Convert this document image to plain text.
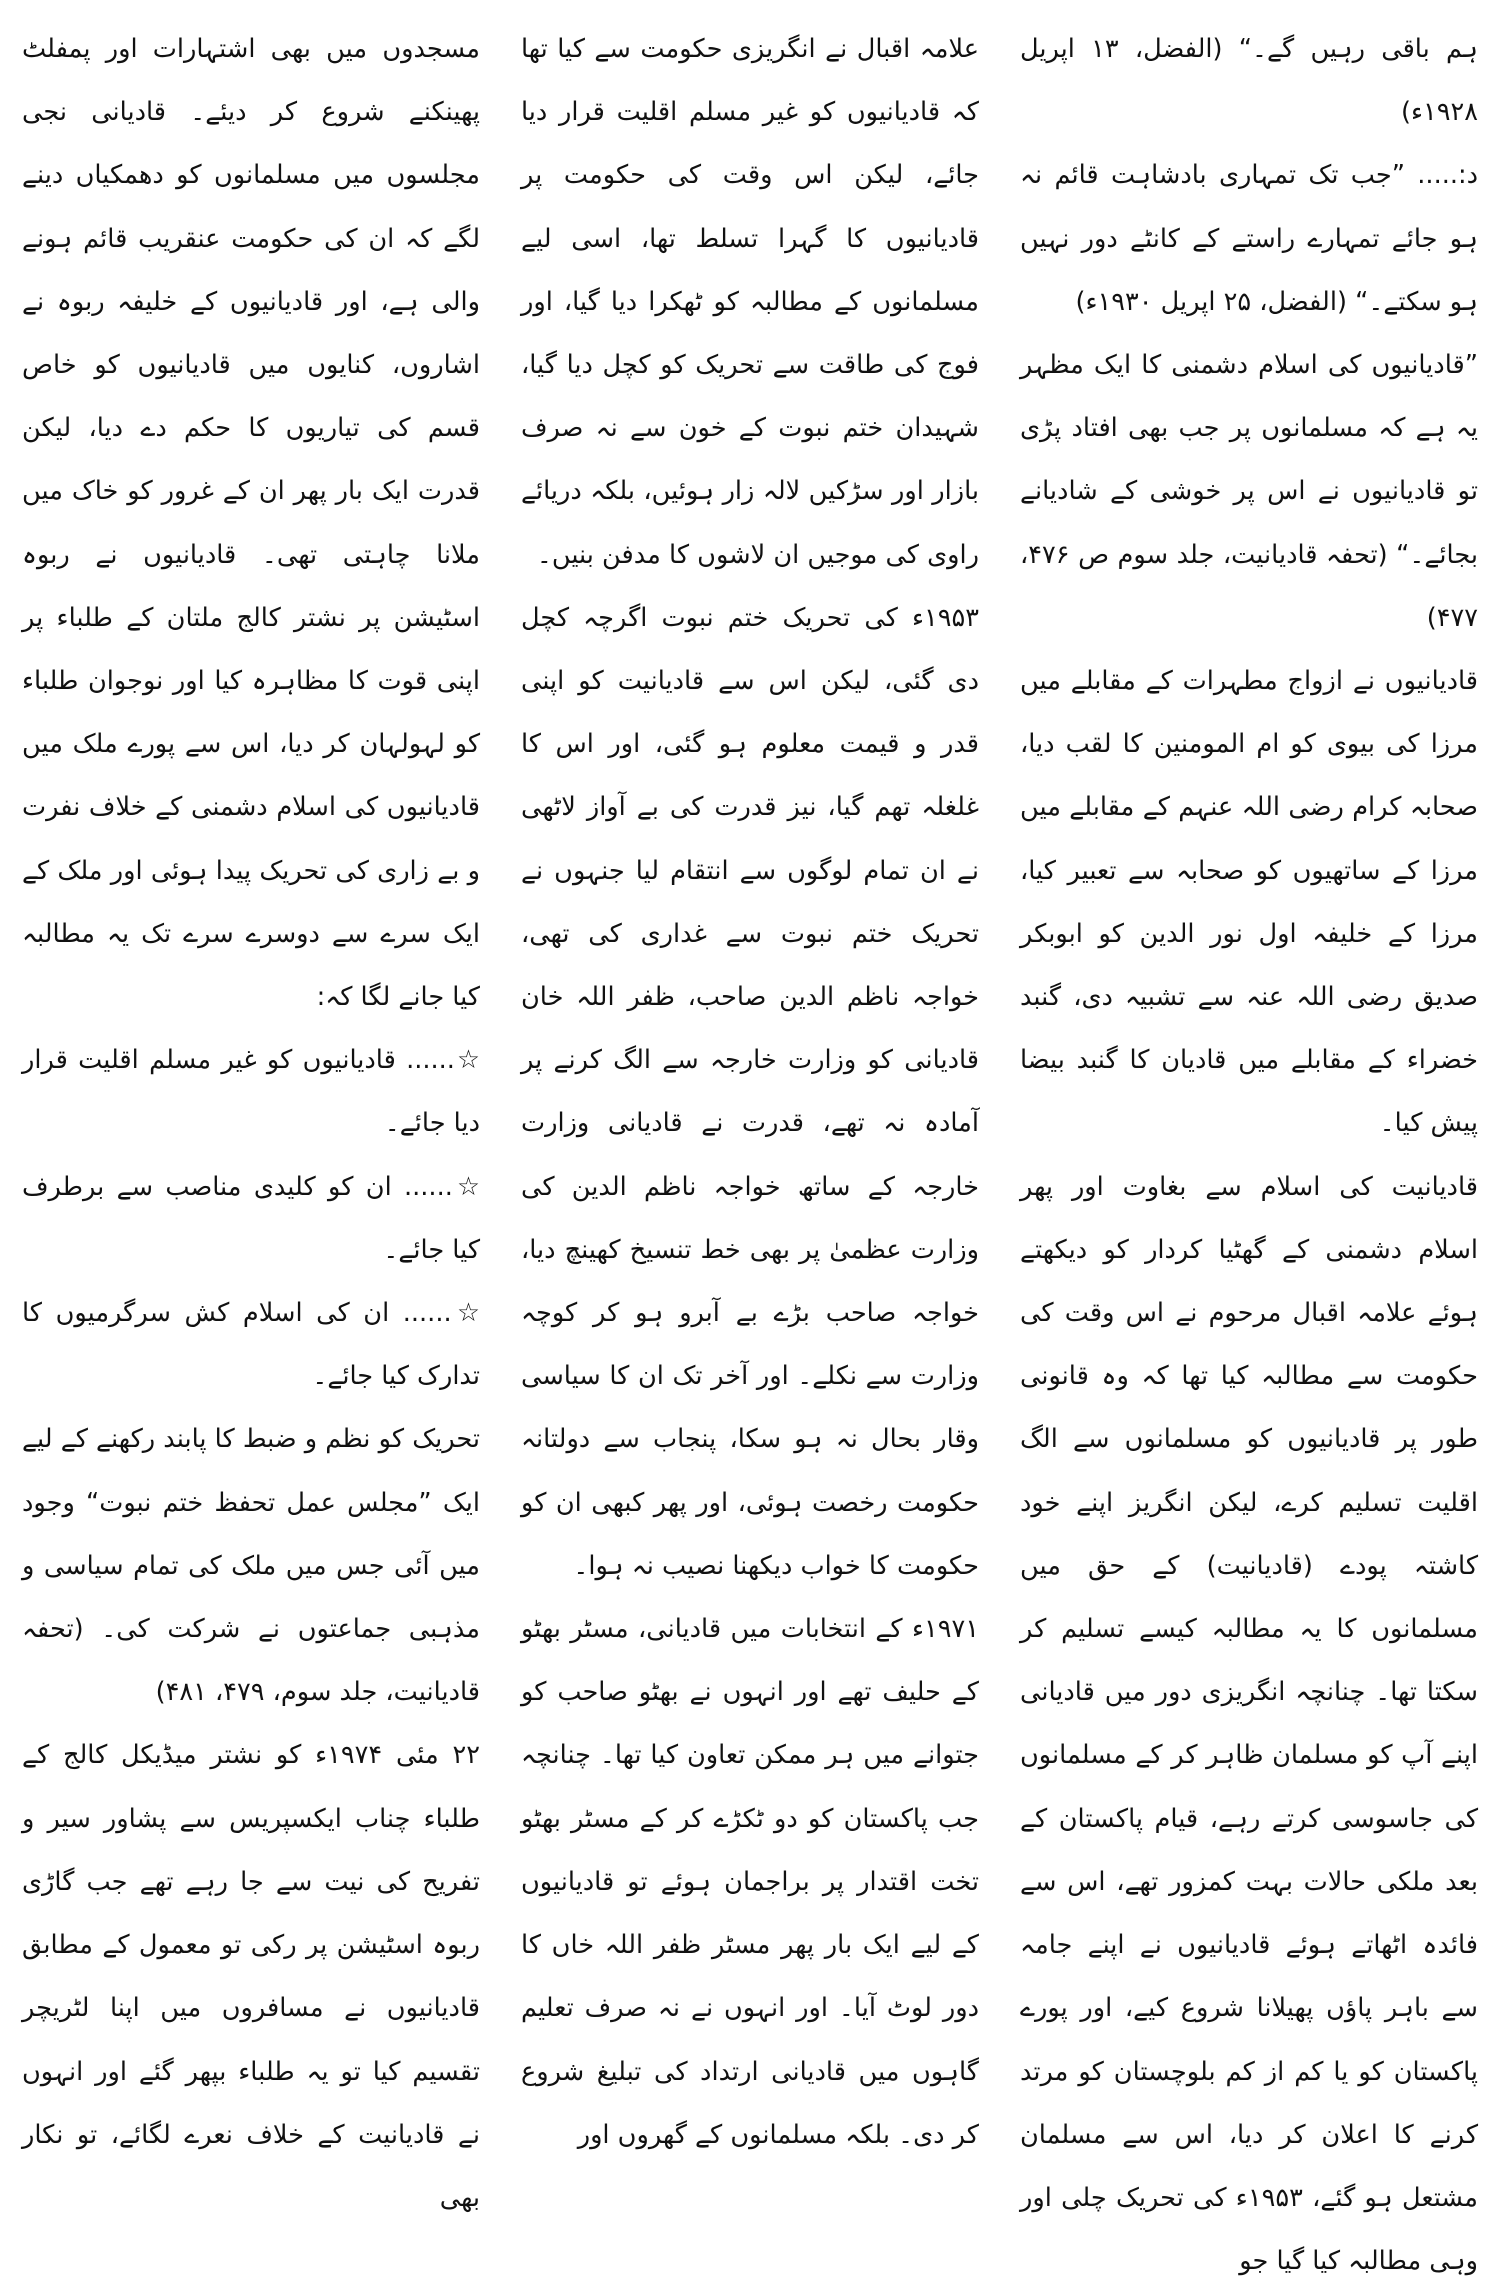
ہم باقی رہیں گے۔“ (الفضل، ۱۳ اپریل ۱۹۲۸ء)

د:..... ”جب تک تمہاری بادشاہت قائم نہ ہو جائے تمہارے راستے کے کانٹے دور نہیں ہو سکتے۔“ (الفضل، ۲۵ اپریل ۱۹۳۰ء)

”قادیانیوں کی اسلام دشمنی کا ایک مظہر یہ ہے کہ مسلمانوں پر جب بھی افتاد پڑی تو قادیانیوں نے اس پر خوشی کے شادیانے بجائے۔“ (تحفہ قادیانیت، جلد سوم ص ۴۷۶، ۴۷۷)

قادیانیوں نے ازواج مطہرات کے مقابلے میں مرزا کی بیوی کو ام المومنین کا لقب دیا، صحابہ کرام رضی اللہ عنہم کے مقابلے میں مرزا کے ساتھیوں کو صحابہ سے تعبیر کیا، مرزا کے خلیفہ اول نور الدین کو ابوبکر صدیق رضی اللہ عنہ سے تشبیہ دی، گنبد خضراء کے مقابلے میں قادیان کا گنبد بیضا پیش کیا۔

قادیانیت کی اسلام سے بغاوت اور پھر اسلام دشمنی کے گھٹیا کردار کو دیکھتے ہوئے علامہ اقبال مرحوم نے اس وقت کی حکومت سے مطالبہ کیا تھا کہ وہ قانونی طور پر قادیانیوں کو مسلمانوں سے الگ اقلیت تسلیم کرے، لیکن انگریز اپنے خود کاشتہ پودے (قادیانیت) کے حق میں مسلمانوں کا یہ مطالبہ کیسے تسلیم کر سکتا تھا۔ چنانچہ انگریزی دور میں قادیانی اپنے آپ کو مسلمان ظاہر کر کے مسلمانوں کی جاسوسی کرتے رہے، قیام پاکستان کے بعد ملکی حالات بہت کمزور تھے، اس سے فائدہ اٹھاتے ہوئے قادیانیوں نے اپنے جامہ سے باہر پاؤں پھیلانا شروع کیے، اور پورے پاکستان کو یا کم از کم بلوچستان کو مرتد کرنے کا اعلان کر دیا، اس سے مسلمان مشتعل ہو گئے، ۱۹۵۳ء کی تحریک چلی اور وہی مطالبہ کیا گیا جو

علامہ اقبال نے انگریزی حکومت سے کیا تھا کہ قادیانیوں کو غیر مسلم اقلیت قرار دیا جائے، لیکن اس وقت کی حکومت پر قادیانیوں کا گہرا تسلط تھا، اسی لیے مسلمانوں کے مطالبہ کو ٹھکرا دیا گیا، اور فوج کی طاقت سے تحریک کو کچل دیا گیا، شہیدان ختم نبوت کے خون سے نہ صرف بازار اور سڑکیں لالہ زار ہوئیں، بلکہ دریائے راوی کی موجیں ان لاشوں کا مدفن بنیں۔

۱۹۵۳ء کی تحریک ختم نبوت اگرچہ کچل دی گئی، لیکن اس سے قادیانیت کو اپنی قدر و قیمت معلوم ہو گئی، اور اس کا غلغلہ تھم گیا، نیز قدرت کی بے آواز لاٹھی نے ان تمام لوگوں سے انتقام لیا جنہوں نے تحریک ختم نبوت سے غداری کی تھی، خواجہ ناظم الدین صاحب، ظفر اللہ خان قادیانی کو وزارت خارجہ سے الگ کرنے پر آمادہ نہ تھے، قدرت نے قادیانی وزارت خارجہ کے ساتھ خواجہ ناظم الدین کی وزارت عظمیٰ پر بھی خط تنسیخ کھینچ دیا، خواجہ صاحب بڑے بے آبرو ہو کر کوچہ وزارت سے نکلے۔ اور آخر تک ان کا سیاسی وقار بحال نہ ہو سکا، پنجاب سے دولتانہ حکومت رخصت ہوئی، اور پھر کبھی ان کو حکومت کا خواب دیکھنا نصیب نہ ہوا۔

۱۹۷۱ء کے انتخابات میں قادیانی، مسٹر بھٹو کے حلیف تھے اور انہوں نے بھٹو صاحب کو جتوانے میں ہر ممکن تعاون کیا تھا۔ چنانچہ جب پاکستان کو دو ٹکڑے کر کے مسٹر بھٹو تخت اقتدار پر براجمان ہوئے تو قادیانیوں کے لیے ایک بار پھر مسٹر ظفر اللہ خاں کا دور لوٹ آیا۔ اور انہوں نے نہ صرف تعلیم گاہوں میں قادیانی ارتداد کی تبلیغ شروع کر دی۔ بلکہ مسلمانوں کے گھروں اور

مسجدوں میں بھی اشتہارات اور پمفلٹ پھینکنے شروع کر دیئے۔ قادیانی نجی مجلسوں میں مسلمانوں کو دھمکیاں دینے لگے کہ ان کی حکومت عنقریب قائم ہونے والی ہے، اور قادیانیوں کے خلیفہ ربوہ نے اشاروں، کنایوں میں قادیانیوں کو خاص قسم کی تیاریوں کا حکم دے دیا، لیکن قدرت ایک بار پھر ان کے غرور کو خاک میں ملانا چاہتی تھی۔ قادیانیوں نے ربوہ اسٹیشن پر نشتر کالج ملتان کے طلباء پر اپنی قوت کا مظاہرہ کیا اور نوجوان طلباء کو لہولہان کر دیا، اس سے پورے ملک میں قادیانیوں کی اسلام دشمنی کے خلاف نفرت و بے زاری کی تحریک پیدا ہوئی اور ملک کے ایک سرے سے دوسرے سرے تک یہ مطالبہ کیا جانے لگا کہ:

☆...... قادیانیوں کو غیر مسلم اقلیت قرار دیا جائے۔

☆...... ان کو کلیدی مناصب سے برطرف کیا جائے۔

☆...... ان کی اسلام کش سرگرمیوں کا تدارک کیا جائے۔

تحریک کو نظم و ضبط کا پابند رکھنے کے لیے ایک ”مجلس عمل تحفظ ختم نبوت“ وجود میں آئی جس میں ملک کی تمام سیاسی و مذہبی جماعتوں نے شرکت کی۔ (تحفہ قادیانیت، جلد سوم، ۴۷۹، ۴۸۱)

۲۲ مئی ۱۹۷۴ء کو نشتر میڈیکل کالج کے طلباء چناب ایکسپریس سے پشاور سیر و تفریح کی نیت سے جا رہے تھے جب گاڑی ربوہ اسٹیشن پر رکی تو معمول کے مطابق قادیانیوں نے مسافروں میں اپنا لٹریچر تقسیم کیا تو یہ طلباء بپھر گئے اور انہوں نے قادیانیت کے خلاف نعرے لگائے، تو نکار بھی
